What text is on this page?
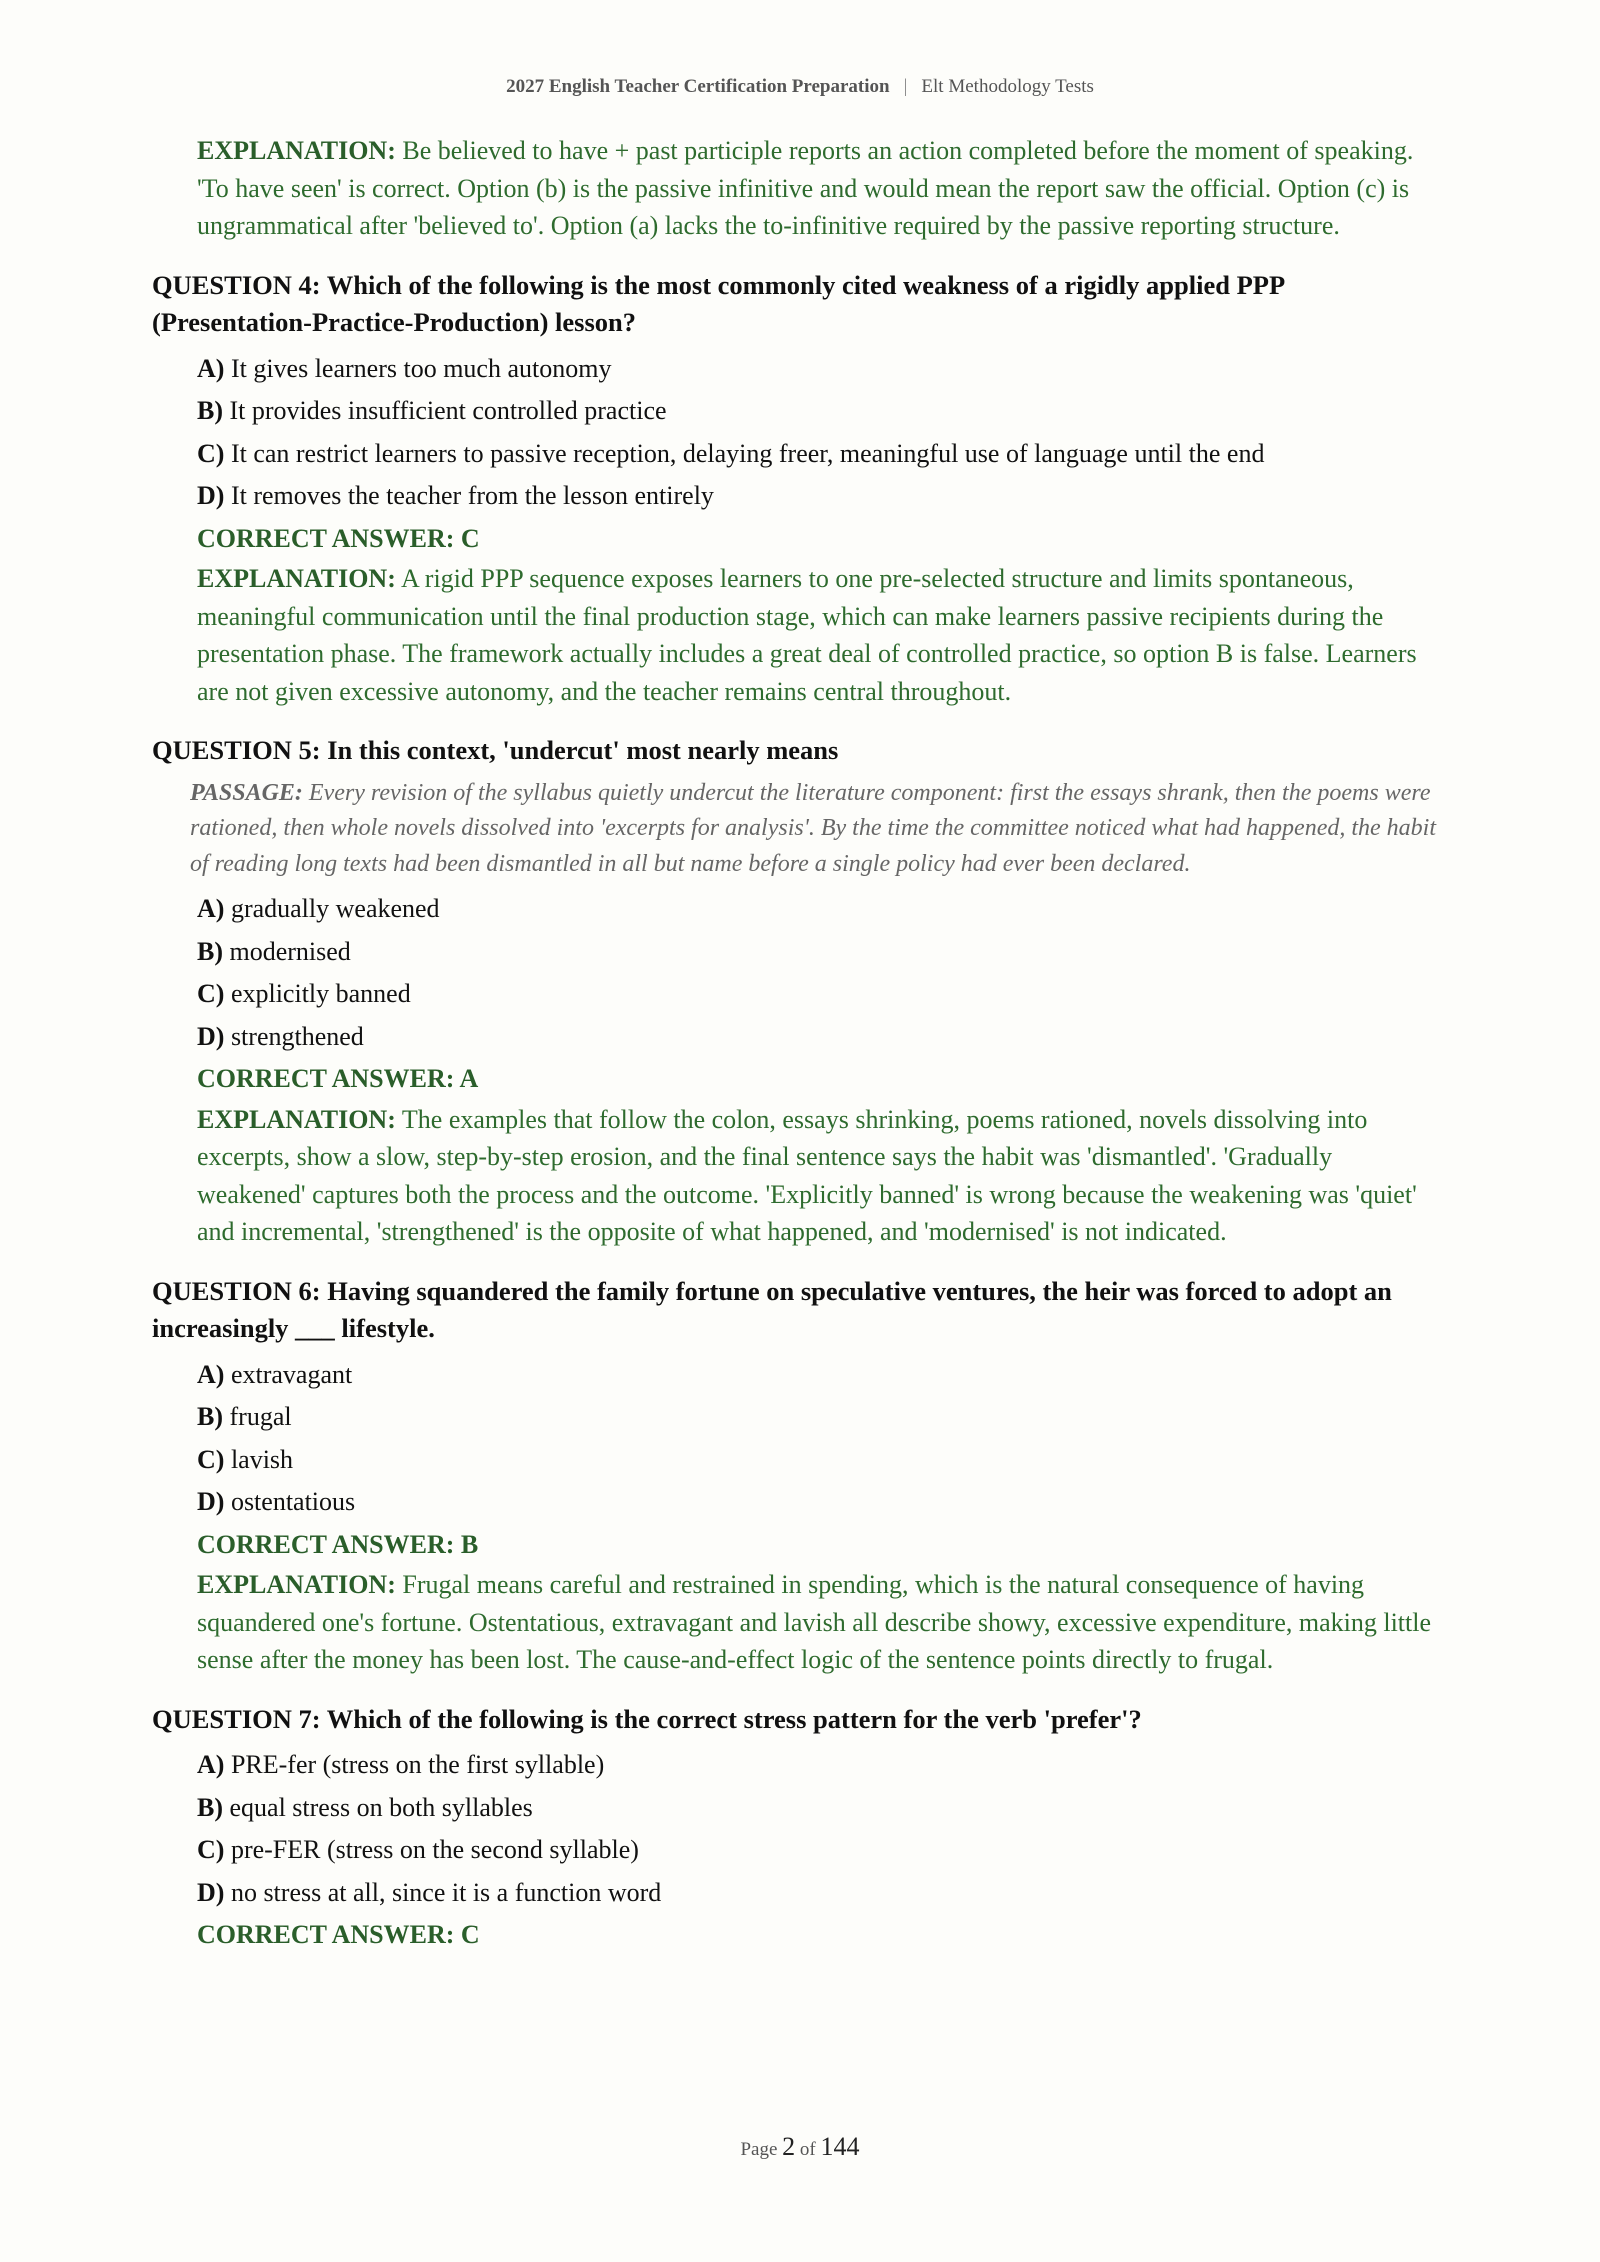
2027 English Teacher Certification Preparation | Elt Methodology Tests

EXPLANATION: Be believed to have + past participle reports an action completed before the moment of speaking. 'To have seen' is correct. Option (b) is the passive infinitive and would mean the report saw the official. Option (c) is ungrammatical after 'believed to'. Option (a) lacks the to-infinitive required by the passive reporting structure.

QUESTION 4: Which of the following is the most commonly cited weakness of a rigidly applied PPP (Presentation-Practice-Production) lesson?
A) It gives learners too much autonomy
B) It provides insufficient controlled practice
C) It can restrict learners to passive reception, delaying freer, meaningful use of language until the end
D) It removes the teacher from the lesson entirely
CORRECT ANSWER: C

EXPLANATION: A rigid PPP sequence exposes learners to one pre-selected structure and limits spontaneous, meaningful communication until the final production stage, which can make learners passive recipients during the presentation phase. The framework actually includes a great deal of controlled practice, so option B is false. Learners are not given excessive autonomy, and the teacher remains central throughout.

QUESTION 5: In this context, 'undercut' most nearly means

PASSAGE: Every revision of the syllabus quietly undercut the literature component: first the essays shrank, then the poems were rationed, then whole novels dissolved into 'excerpts for analysis'. By the time the committee noticed what had happened, the habit of reading long texts had been dismantled in all but name before a single policy had ever been declared.

A) gradually weakened
B) modernised
C) explicitly banned
D) strengthened
CORRECT ANSWER: A

EXPLANATION: The examples that follow the colon, essays shrinking, poems rationed, novels dissolving into excerpts, show a slow, step-by-step erosion, and the final sentence says the habit was 'dismantled'. 'Gradually weakened' captures both the process and the outcome. 'Explicitly banned' is wrong because the weakening was 'quiet' and incremental, 'strengthened' is the opposite of what happened, and 'modernised' is not indicated.

QUESTION 6: Having squandered the family fortune on speculative ventures, the heir was forced to adopt an increasingly ___ lifestyle.
A) extravagant
B) frugal
C) lavish
D) ostentatious
CORRECT ANSWER: B

EXPLANATION: Frugal means careful and restrained in spending, which is the natural consequence of having squandered one's fortune. Ostentatious, extravagant and lavish all describe showy, excessive expenditure, making little sense after the money has been lost. The cause-and-effect logic of the sentence points directly to frugal.

QUESTION 7: Which of the following is the correct stress pattern for the verb 'prefer'?
A) PRE-fer (stress on the first syllable)
B) equal stress on both syllables
C) pre-FER (stress on the second syllable)
D) no stress at all, since it is a function word
CORRECT ANSWER: C
Page 2 of 144
